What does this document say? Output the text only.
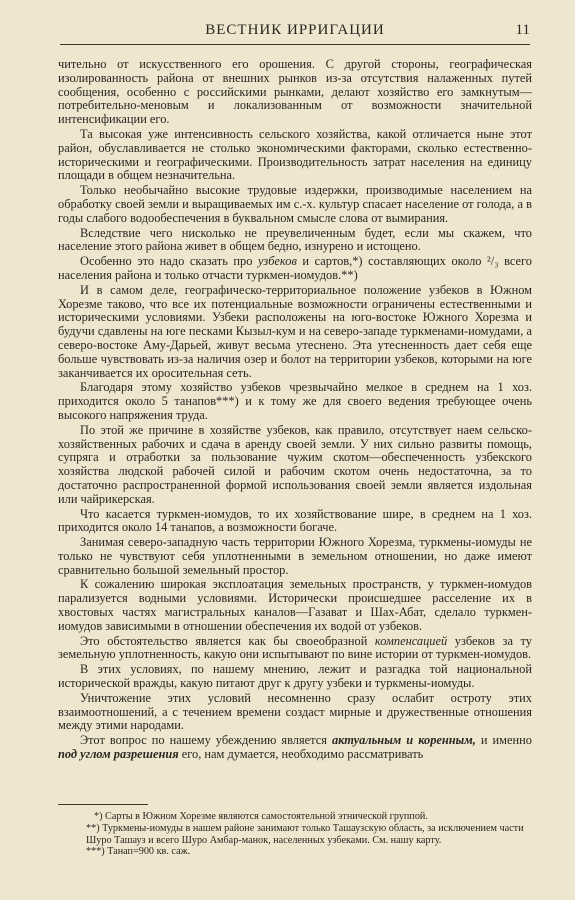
ВЕСТНИК ИРРИГАЦИИ	11

чительно от искусственного его орошения. С другой стороны, географическая изолированность района от внешних рынков из-за отсутствия налаженных путей сообщения, особенно с российскими рынками, делают хозяйство его замкнутым—потребительно-меновым и локализованным от возможности значительной интенсификации его.

Та высокая уже интенсивность сельского хозяйства, какой отличается ныне этот район, обуславливается не столько экономическими факторами, сколько естественно-историческими и географическими. Производительность затрат населения на единицу площади в общем незначительна.

Только необычайно высокие трудовые издержки, производимые населением на обработку своей земли и выращиваемых им с.-х. культур спасает население от голода, а в годы слабого водообеспечения в буквальном смысле слова от вымирания.

Вследствие чего нисколько не преувеличенным будет, если мы скажем, что население этого района живет в общем бедно, изнурено и истощено.

Особенно это надо сказать про узбеков и сартов,*) составляющих около ²/₃ всего населения района и только отчасти туркмен-иомудов.**)

И в самом деле, географическо-территориальное положение узбеков в Южном Хорезме таково, что все их потенциальные возможности ограничены естественными и историческими условиями. Узбеки расположены на юго-востоке Южного Хорезма и будучи сдавлены на юге песками Кызыл-кум и на северо-западе туркменами-иомудами, а северо-востоке Аму-Дарьей, живут весьма утеснено. Эта утесненность дает себя еще больше чувствовать из-за наличия озер и болот на территории узбеков, которыми на юге заканчивается их оросительная сеть.

Благодаря этому хозяйство узбеков чрезвычайно мелкое в среднем на 1 хоз. приходится около 5 танапов***) и к тому же для своего ведения требующее очень высокого напряжения труда.

По этой же причине в хозяйстве узбеков, как правило, отсутствует наем сельско-хозяйственных рабочих и сдача в аренду своей земли. У них сильно развиты помощь, супряга и отработки за пользование чужим скотом—обеспеченность узбекского хозяйства людской рабочей силой и рабочим скотом очень недостаточна, за то достаточно распространенной формой использования своей земли является издольная или чайрикерская.

Что касается туркмен-иомудов, то их хозяйствование шире, в среднем на 1 хоз. приходится около 14 танапов, а возможности богаче.

Занимая северо-западную часть территории Южного Хорезма, туркмены-иомуды не только не чувствуют себя уплотненными в земельном отношении, но даже имеют сравнительно большой земельный простор.

К сожалению широкая эксплоатация земельных пространств, у туркмен-иомудов парализуется водными условиями. Исторически происшедшее расселение их в хвостовых частях магистральных каналов—Газават и Шах-Абат, сделало туркмен-иомудов зависимыми в отношении обеспечения их водой от узбеков.

Это обстоятельство является как бы своеобразной компенсацией узбеков за ту земельную уплотненность, какую они испытывают по вине истории от туркмен-иомудов.

В этих условиях, по нашему мнению, лежит и разгадка той национальной исторической вражды, какую питают друг к другу узбеки и туркмены-иомуды.

Уничтожение этих условий несомненно сразу ослабит остроту этих взаимоотношений, а с течением времени создаст мирные и дружественные отношения между этими народами.

Этот вопрос по нашему убеждению является актуальным и коренным, и именно под углом разрешения его, нам думается, необходимо рассматривать

*) Сарты в Южном Хорезме являются самостоятельной этнической группой.
**) Туркмены-иомуды в нашем районе занимают только Ташаузскую область, за исключением части Шуро Ташауз и всего Шуро Амбар-манок, населенных узбеками. См. нашу карту.
***) Танап=900 кв. саж.
